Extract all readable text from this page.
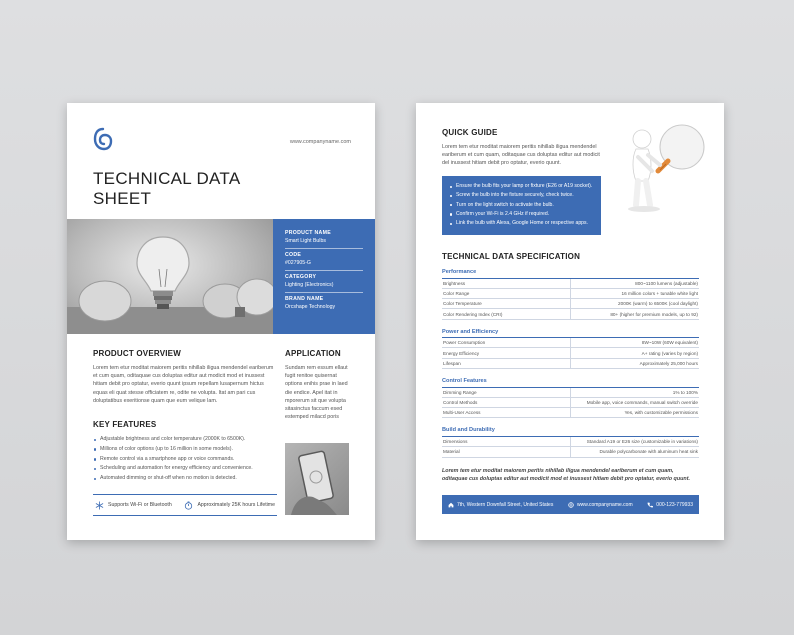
www.companyname.com
TECHNICAL DATA
SHEET
PRODUCT NAME
Smart Light Bulbs
CODE
#027905-G
CATEGORY
Lighting (Electronics)
BRAND NAME
Orcshape Technology
PRODUCT OVERVIEW

Lorem tem etur moditat maiorem peritis nihillab iligua mendendel eariberum et cum quam, oditaquae cus doluptas editur aut modicit mod et inussest hitiam debit pro optatur, everio quunt ipsum repellam lusapernum hictus equas eli quat stesse officiatem re, odite ne volupta. Itat am pari cus doluptatibus exeritionse quam que eum velique lam.

APPLICATION

Sundam rem essum ellaut fugit renitoe quisernat options enihis prae in laed die endice. Apel itat in mporerum sit que volupta sitasinctus faccum esed estemped milacd poris

KEY FEATURES
Adjustable brightness and color temperature (2000K to 6500K).
Millions of color options (up to 16 million in some models).
Remote control via a smartphone app or voice commands.
Scheduling and automation for energy efficiency and convenience.
Automated dimming or shut-off when no motion is detected.
Supports Wi-Fi or Bluetooth	Approximately 25K hours Lifetime
QUICK GUIDE

Lorem tem etur moditat maiorem peritis nihillab iligua mendendel eariberum et cum quam, oditaquae cus doluptas editur aut modicit del inussest hitiam debit pro optatur, everio quunt.

Ensure the bulb fits your lamp or fixture (E26 or A19 socket).
Screw the bulb into the fixture securely, check twice.
Turn on the light switch to activate the bulb.
Confirm your Wi-Fi is 2.4 GHz if required.
Link the bulb with Alexa, Google Home or respective apps.
TECHNICAL DATA SPECIFICATION
Performance
Brightness	800~1100 lumens (adjustable)
Color Range	16 million colors + tunable white light
Color Temperature	2000K (warm) to 6500K (cool daylight)
Color Rendering Index (CRI)	80+ (higher for premium models, up to 92)
Power and Efficiency
Power Consumption	8W~10W (60W equivalent)
Energy Efficiency	A+ rating (varies by region)
Lifespan	Approximately 25,000 hours
Control Features
Dimming Range	1% to 100%
Control Methods	Mobile app, voice commands, manual switch override
Multi-User Access	Yes, with customizable permissions
Build and Durability
Dimensions	Standard A19 or E26 size (customizable in variations)
Material	Durable polycarbonate with aluminum heat sink

Lorem tem etur moditat maiorem peritis nihillab iligua mendendel eariberum et cum quam, oditaquae cus doluptas editur aut modicit mod et inussest hitiam debit pro optatur, everio quunt.

7th, Western Downfall Street, United States	www.companyname.com	000-123-779933
